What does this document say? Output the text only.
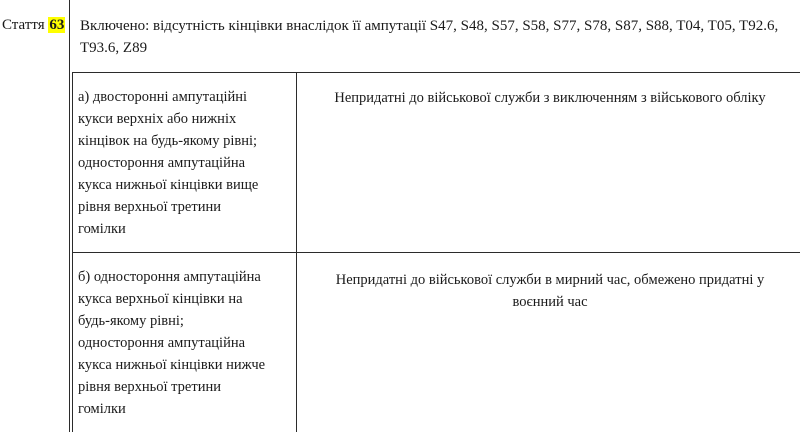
Стаття 63 Включено: відсутність кінцівки внаслідок її ампутації S47, S48, S57, S58, S77, S78, S87, S88, T04, T05, T92.6, T93.6, Z89
а) двосторонні ампутаційні
кукси верхніх або нижніх
кінцівок на будь-якому рівні;
одностороння ампутаційна
кукса нижньої кінцівки вище
рівня верхньої третини
гомілки
Непридатні до військової служби з виключенням з військового обліку
б) одностороння ампутаційна
кукса верхньої кінцівки на
будь-якому рівні;
одностороння ампутаційна
кукса нижньої кінцівки нижче
рівня верхньої третини
гомілки
Непридатні до військової служби в мирний час, обмежено придатні у
воєнний час
